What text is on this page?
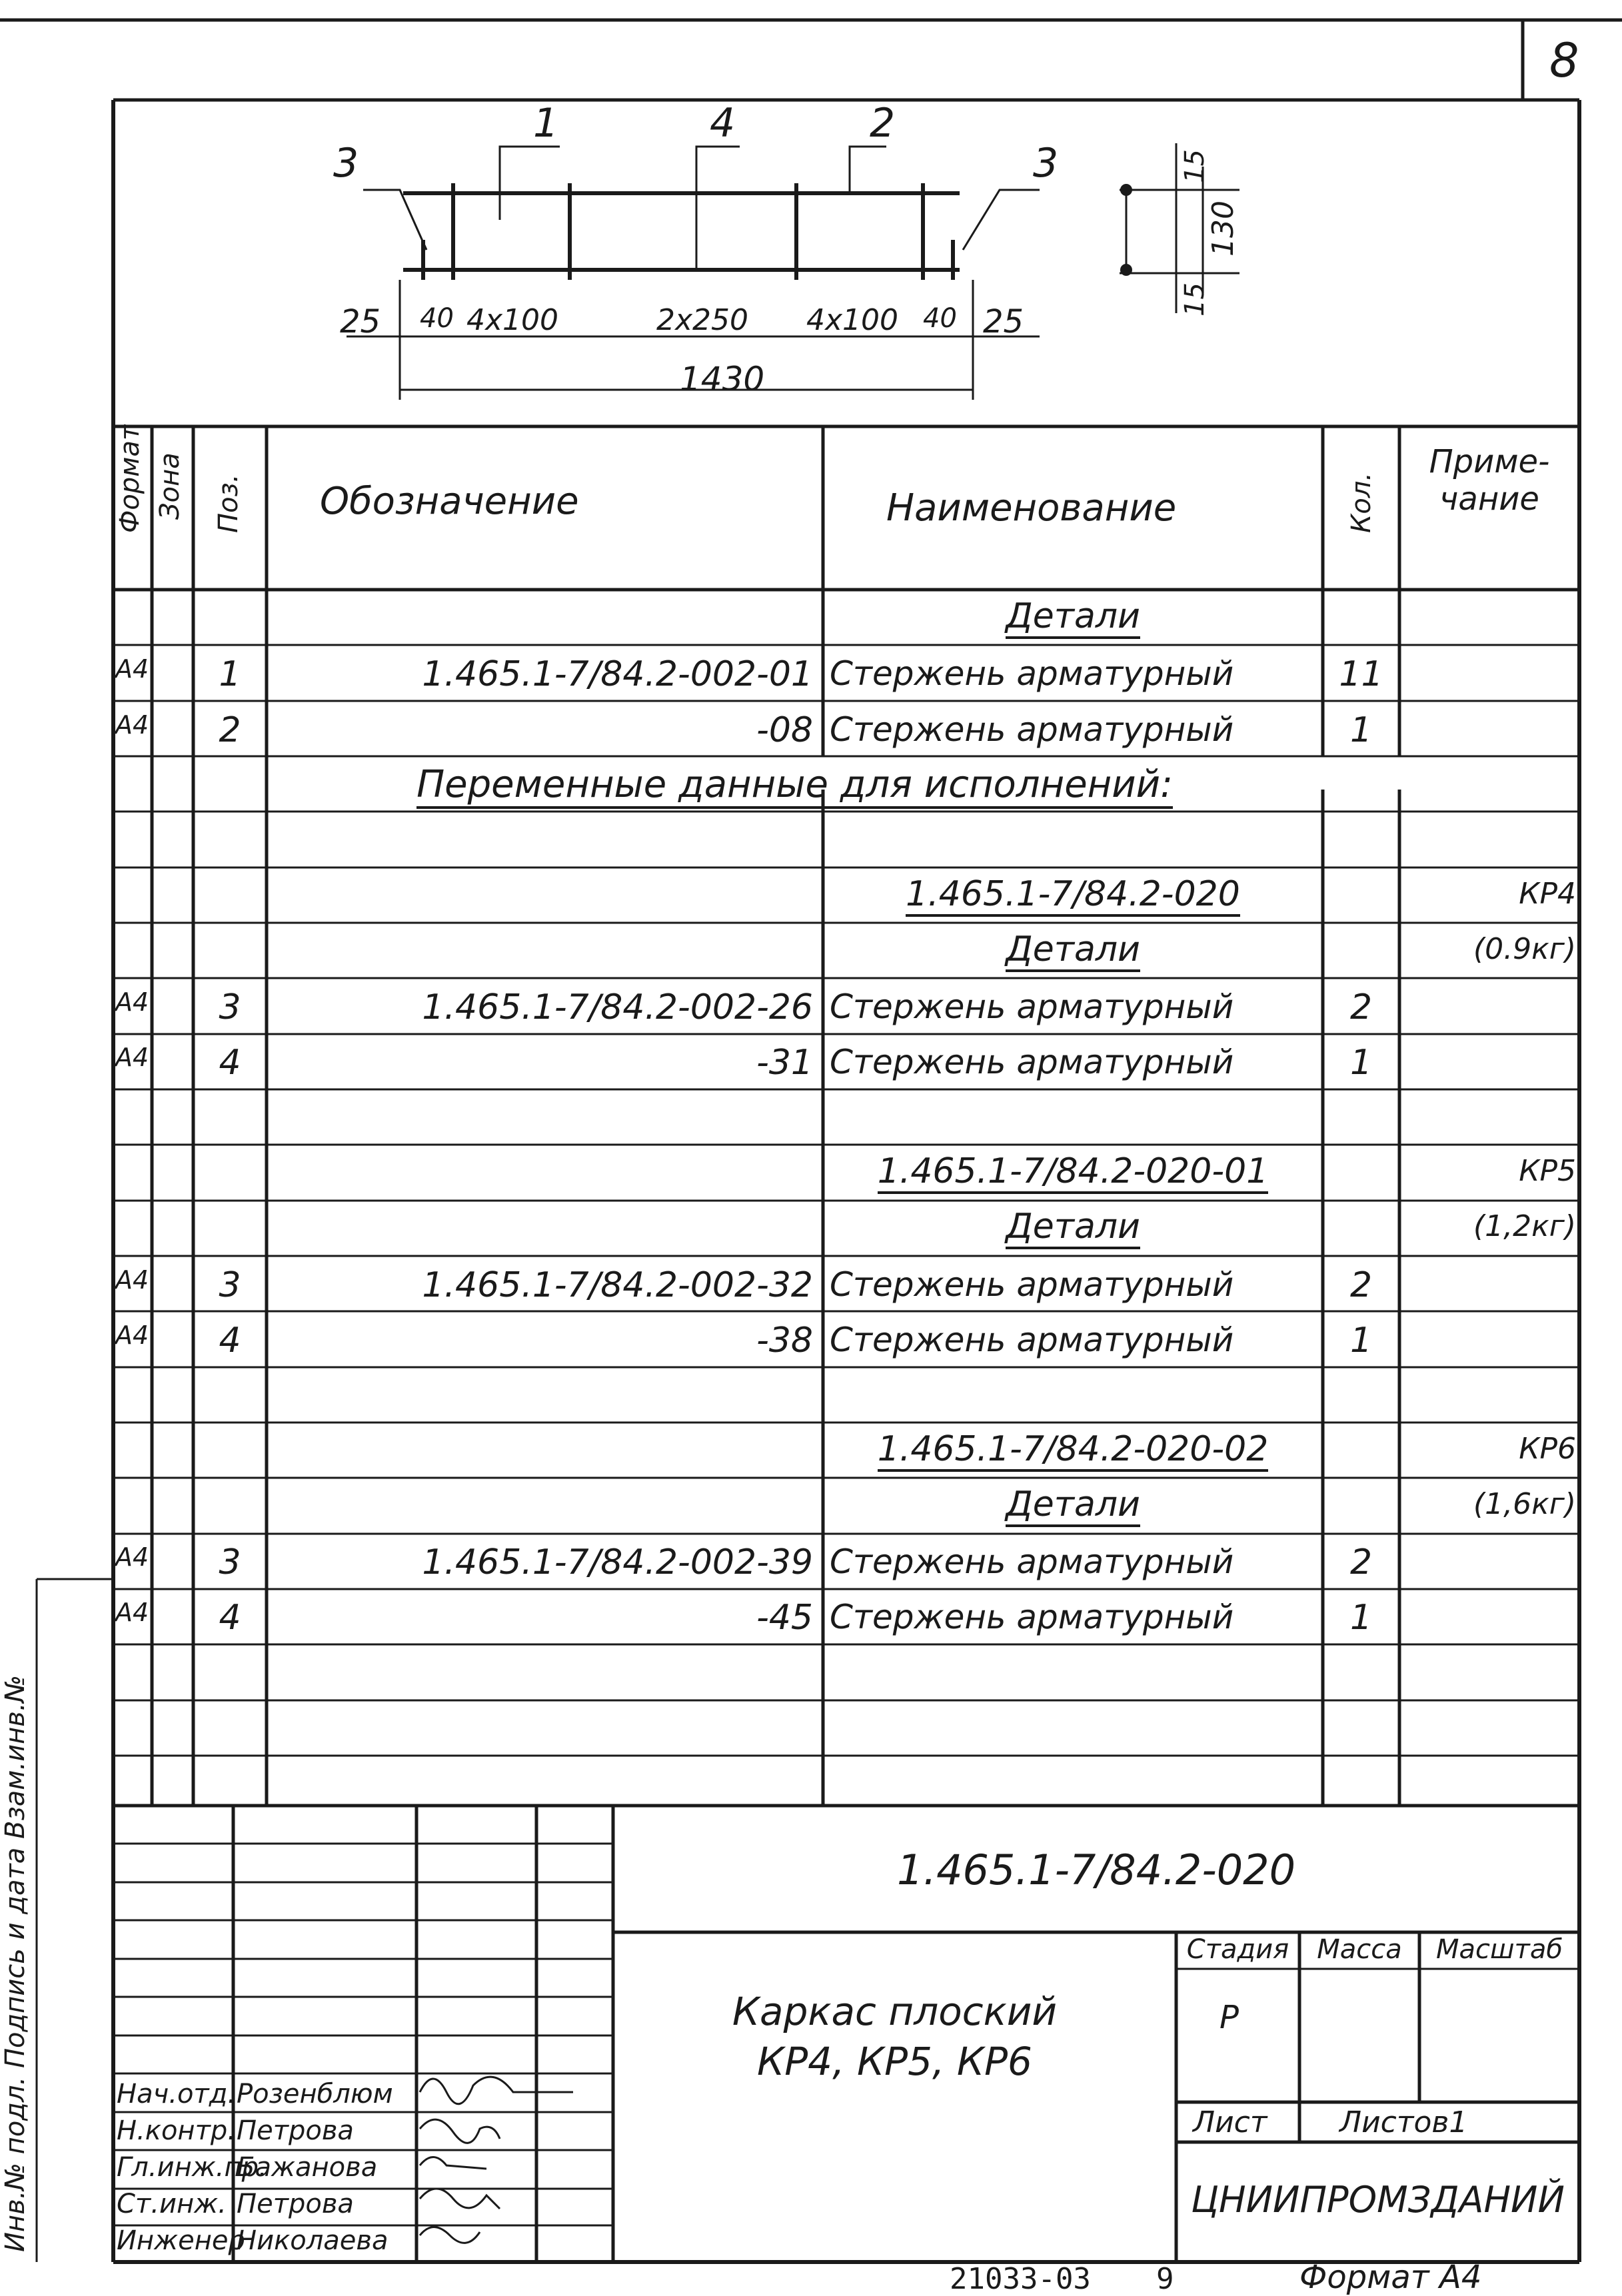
8
3
1	4	2
3
25 40 4x100	2x250 4x100 40 25
1430
15
130
15
Формат Зона Поз. Обозначение	Наименование	Кол.
Приме-
чание
Детали
А4	1	1.465.1-7/84.2-002-01 Стержень арматурный	11
А4	2	-08 Стержень арматурный	1
Переменные данные для исполнений:
1.465.1-7/84.2-020	КР4
Детали	(0.9кг)
А4	3	1.465.1-7/84.2-002-26 Стержень арматурный	2
А4	4	-31 Стержень арматурный	1
1.465.1-7/84.2-020-01	КР5
Детали	(1,2кг)
А4	3	1.465.1-7/84.2-002-32 Стержень арматурный	2
А4	4	-38 Стержень арматурный	1
1.465.1-7/84.2-020-02	КР6
Детали	(1,6кг)
А4	3	1.465.1-7/84.2-002-39 Стержень арматурный	2
А4	4	-45 Стержень арматурный	1
1.465.1-7/84.2-020
Каркас плоский
КР4, КР5, КР6
Стадия	Масса	Масштаб
Р
Лист Листов1
ЦНИИПРОМЗДАНИЙ
Нач.отд. Розенблюм
Н.контр. Петрова
Гл.инж.пр.
Бажанова
Ст.инж. Петрова
Инженер
Николаева
21033-03 9	Формат А4
Инв.№ подл. Подпись и дата Взам.инв.№
